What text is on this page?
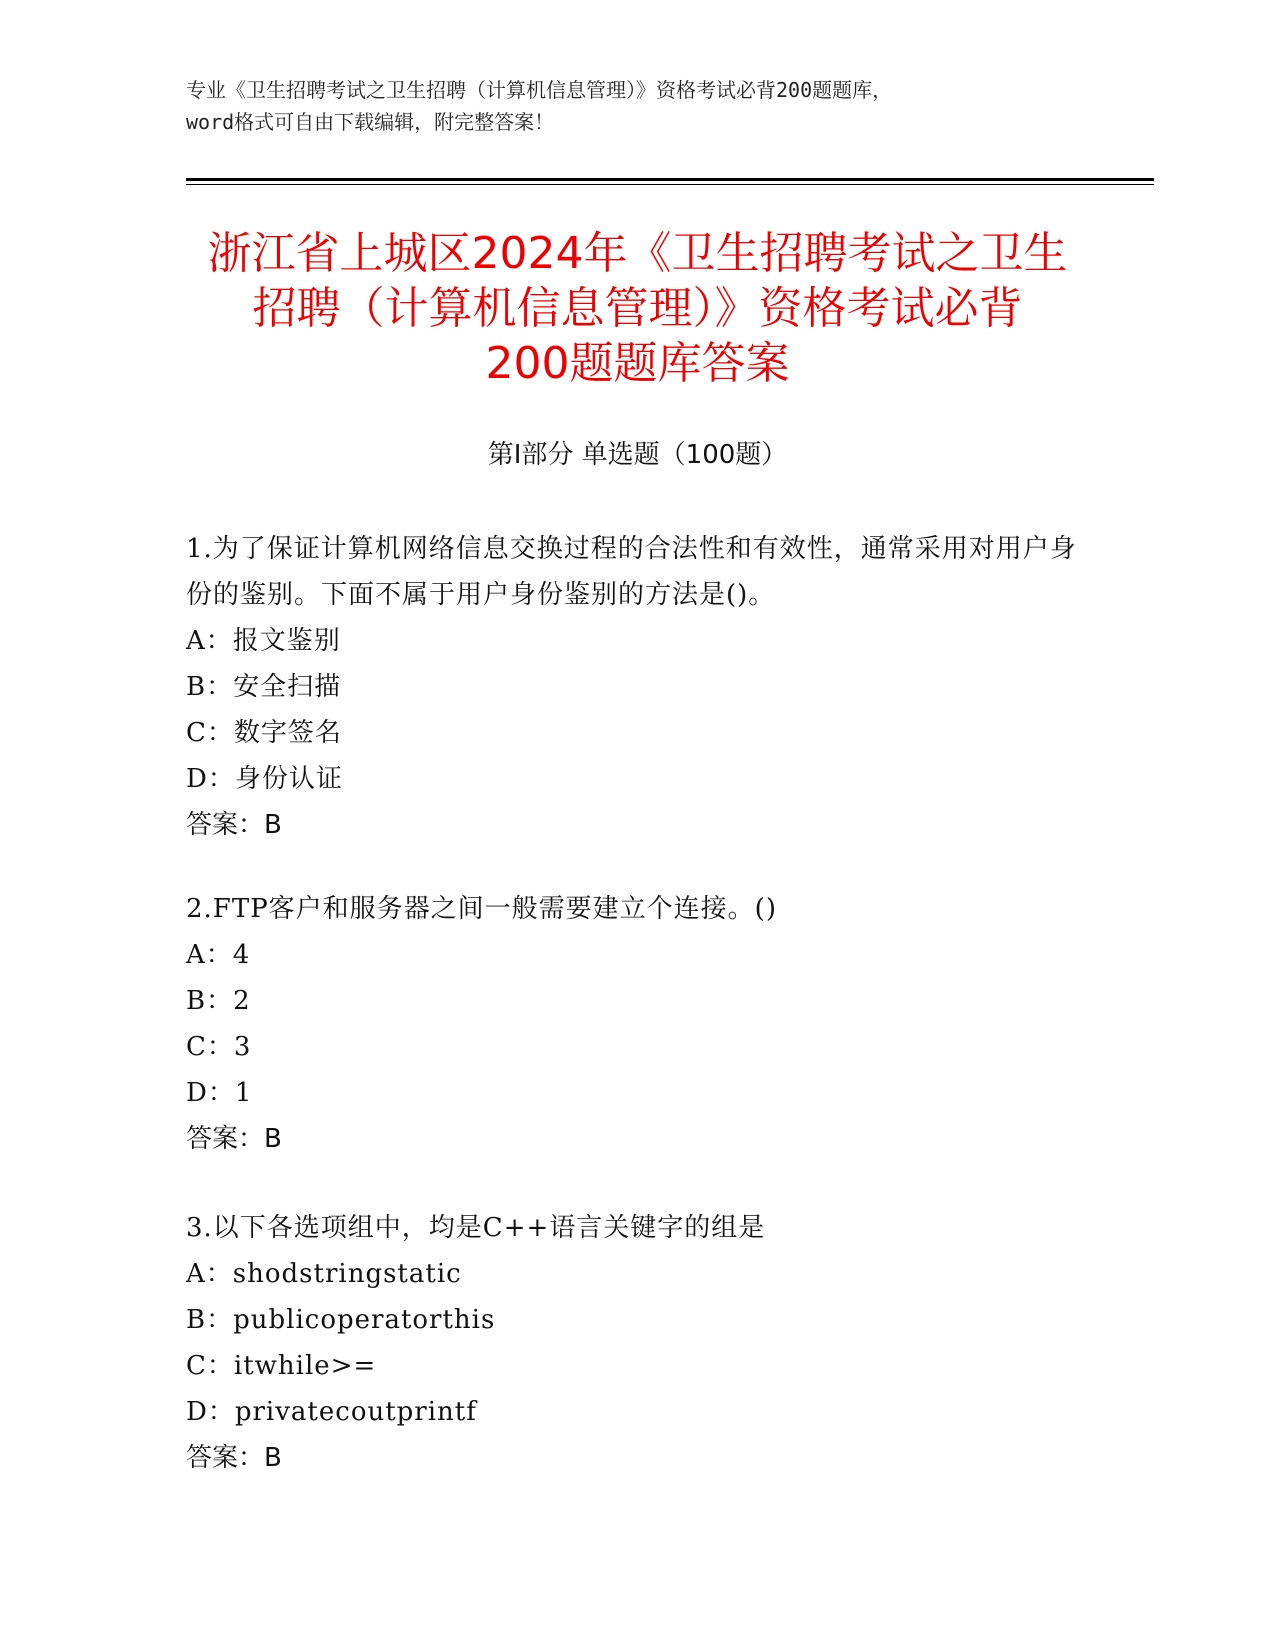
专业《卫生招聘考试之卫生招聘（计算机信息管理）》资格考试必背200题题库，
word格式可自由下载编辑，附完整答案！
浙江省上城区2024年《卫生招聘考试之卫生
招聘（计算机信息管理）》资格考试必背
200题题库答案
第Ⅰ部分 单选题（100题）
1.为了保证计算机网络信息交换过程的合法性和有效性，通常采用对用户身份的鉴别。下面不属于用户身份鉴别的方法是()。
A：报文鉴别
B：安全扫描
C：数字签名
D：身份认证
答案：B
2.FTP客户和服务器之间一般需要建立个连接。()
A：4
B：2
C：3
D：1
答案：B
3.以下各选项组中，均是C++语言关键字的组是
A：shodstringstatic
B：publicoperatorthis
C：itwhile>=
D：privatecoutprintf
答案：B
